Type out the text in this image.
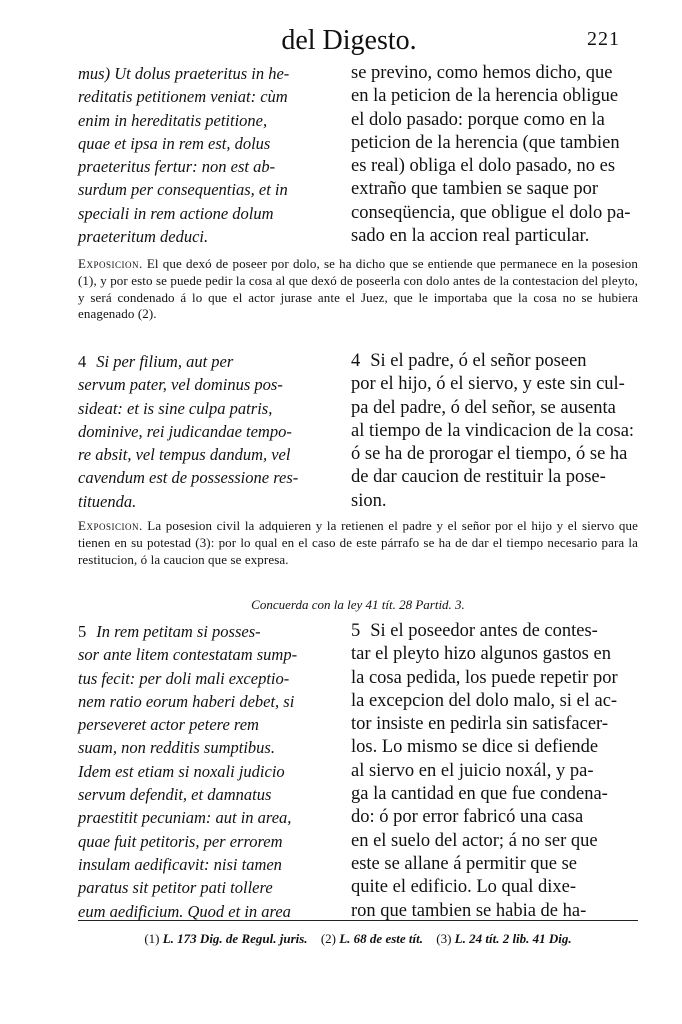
del Digesto.	221
mus) Ut dolus praeteritus in he-
reditatis petitionem veniat: cùm
enim in hereditatis petitione,
quae et ipsa in rem est, dolus
praeteritus fertur: non est ab-
surdum per consequentias, et in
speciali in rem actione dolum
praeteritum deduci.
se previno, como hemos dicho, que
en la peticion de la herencia obligue
el dolo pasado: porque como en la
peticion de la herencia (que tambien
es real) obliga el dolo pasado, no es
extraño que tambien se saque por
conseqüencia, que obligue el dolo pa-
sado en la accion real particular.
Exposicion. El que dexó de poseer por dolo, se ha dicho que se entiende que permanece en la posesion (1), y por esto se puede pedir la cosa al que dexó de poseerla con dolo antes de la contestacion del pleyto, y será condenado á lo que el actor jurase ante el Juez, que le importaba que la cosa no se hubiera enagenado (2).
4 Si per filium, aut per
servum pater, vel dominus pos-
sideat: et is sine culpa patris,
dominive, rei judicandae tempo-
re absit, vel tempus dandum, vel
cavendum est de possessione res-
tituenda.
4 Si el padre, ó el señor poseen
por el hijo, ó el siervo, y este sin cul-
pa del padre, ó del señor, se ausenta
al tiempo de la vindicacion de la cosa:
ó se ha de prorogar el tiempo, ó se ha
de dar caucion de restituir la pose-
sion.
Exposicion. La posesion civil la adquieren y la retienen el padre y el señor por el hijo y el siervo que tienen en su potestad (3): por lo qual en el caso de este párrafo se ha de dar el tiempo necesario para la restitucion, ó la caucion que se expresa.
Concuerda con la ley 41 tít. 28 Partid. 3.
5 In rem petitam si posses-
sor ante litem contestatam sump-
tus fecit: per doli mali exceptio-
nem ratio eorum haberi debet, si
perseveret actor petere rem
suam, non redditis sumptibus.
Idem est etiam si noxali judicio
servum defendit, et damnatus
praestitit pecuniam: aut in area,
quae fuit petitoris, per errorem
insulam aedificavit: nisi tamen
paratus sit petitor pati tollere
eum aedificium. Quod et in area
5 Si el poseedor antes de contes-
tar el pleyto hizo algunos gastos en
la cosa pedida, los puede repetir por
la excepcion del dolo malo, si el ac-
tor insiste en pedirla sin satisfacer-
los. Lo mismo se dice si defiende
al siervo en el juicio noxál, y pa-
ga la cantidad en que fue condena-
do: ó por error fabricó una casa
en el suelo del actor; á no ser que
este se allane á permitir que se
quite el edificio. Lo qual dixe-
ron que tambien se habia de ha-
(1) L. 173 Dig. de Regul. juris. (2) L. 68 de este tít. (3) L. 24 tít. 2 lib. 41 Dig.
